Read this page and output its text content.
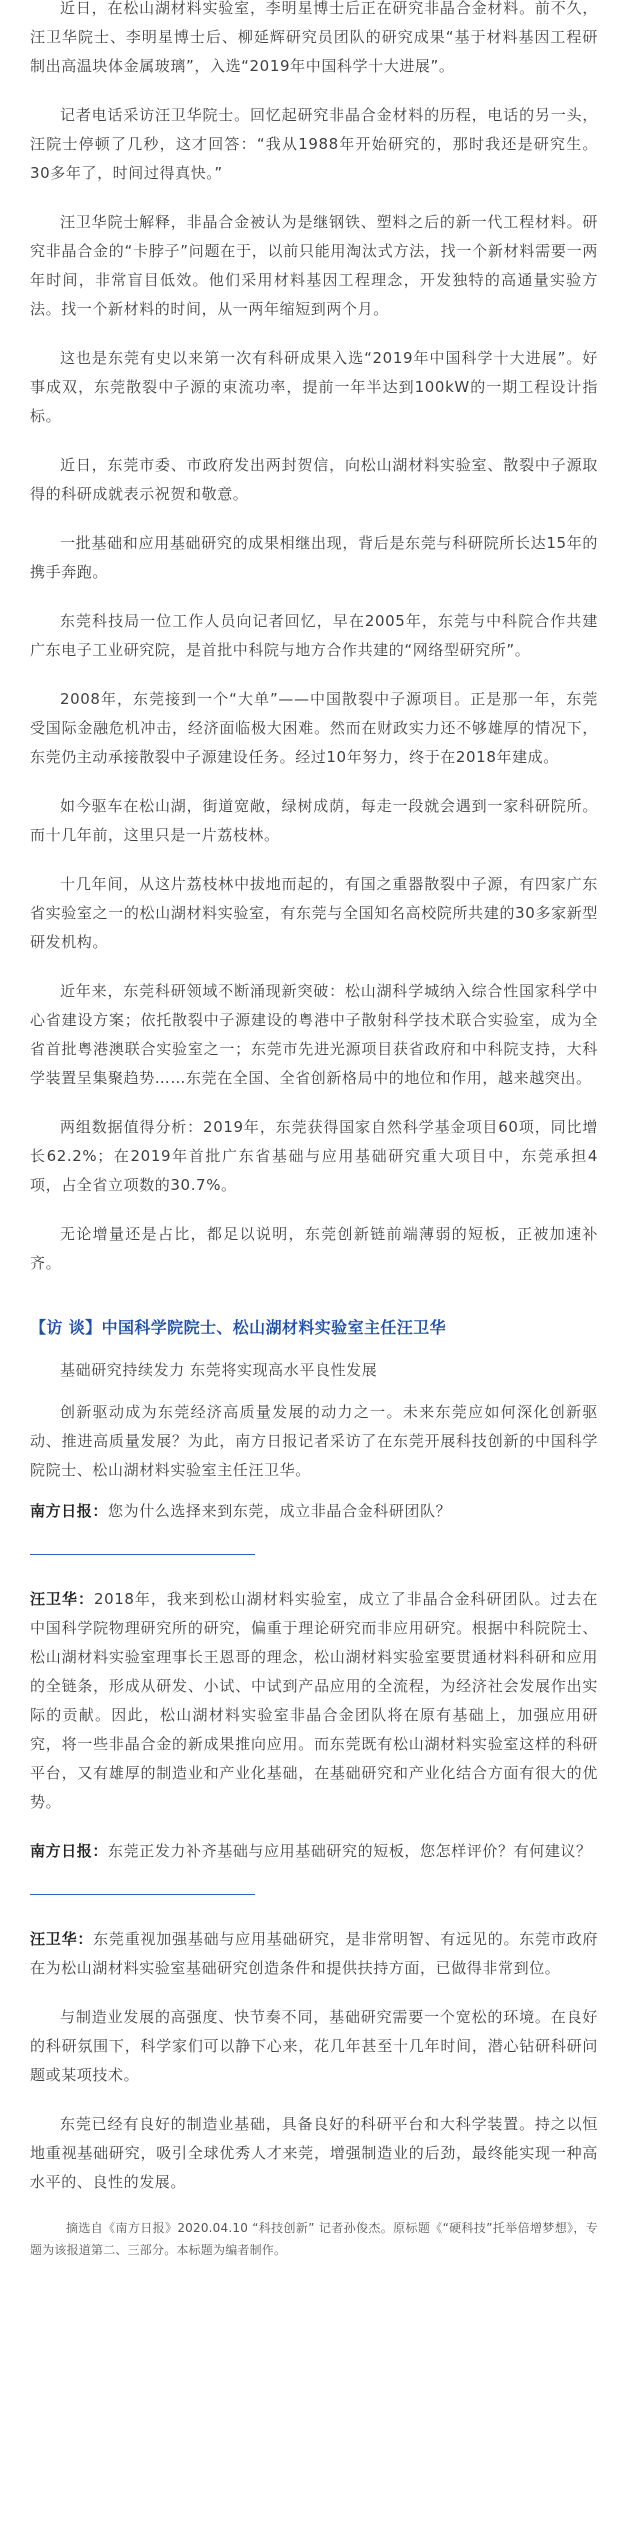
近日，在松山湖材料实验室，李明星博士后正在研究非晶合金材料。前不久，汪卫华院士、李明星博士后、柳延辉研究员团队的研究成果“基于材料基因工程研制出高温块体金属玻璃”，入选“2019年中国科学十大进展”。

记者电话采访汪卫华院士。回忆起研究非晶合金材料的历程，电话的另一头，汪院士停顿了几秒，这才回答：“我从1988年开始研究的，那时我还是研究生。30多年了，时间过得真快。”

汪卫华院士解释，非晶合金被认为是继钢铁、塑料之后的新一代工程材料。研究非晶合金的“卡脖子”问题在于，以前只能用淘汰式方法，找一个新材料需要一两年时间，非常盲目低效。他们采用材料基因工程理念，开发独特的高通量实验方法。找一个新材料的时间，从一两年缩短到两个月。

这也是东莞有史以来第一次有科研成果入选“2019年中国科学十大进展”。好事成双，东莞散裂中子源的束流功率，提前一年半达到100kW的一期工程设计指标。

近日，东莞市委、市政府发出两封贺信，向松山湖材料实验室、散裂中子源取得的科研成就表示祝贺和敬意。

一批基础和应用基础研究的成果相继出现，背后是东莞与科研院所长达15年的携手奔跑。

东莞科技局一位工作人员向记者回忆，早在2005年，东莞与中科院合作共建广东电子工业研究院，是首批中科院与地方合作共建的“网络型研究所”。

2008年，东莞接到一个“大单”——中国散裂中子源项目。正是那一年，东莞受国际金融危机冲击，经济面临极大困难。然而在财政实力还不够雄厚的情况下，东莞仍主动承接散裂中子源建设任务。经过10年努力，终于在2018年建成。

如今驱车在松山湖，街道宽敞，绿树成荫，每走一段就会遇到一家科研院所。而十几年前，这里只是一片荔枝林。

十几年间，从这片荔枝林中拔地而起的，有国之重器散裂中子源，有四家广东省实验室之一的松山湖材料实验室，有东莞与全国知名高校院所共建的30多家新型研发机构。

近年来，东莞科研领域不断涌现新突破：松山湖科学城纳入综合性国家科学中心省建设方案；依托散裂中子源建设的粤港中子散射科学技术联合实验室，成为全省首批粤港澳联合实验室之一；东莞市先进光源项目获省政府和中科院支持，大科学装置呈集聚趋势……东莞在全国、全省创新格局中的地位和作用，越来越突出。

两组数据值得分析：2019年，东莞获得国家自然科学基金项目60项，同比增长62.2%；在2019年首批广东省基础与应用基础研究重大项目中，东莞承担4项，占全省立项数的30.7%。

无论增量还是占比，都足以说明，东莞创新链前端薄弱的短板，正被加速补齐。

【访 谈】中国科学院院士、松山湖材料实验室主任汪卫华
基础研究持续发力 东莞将实现高水平良性发展

创新驱动成为东莞经济高质量发展的动力之一。未来东莞应如何深化创新驱动、推进高质量发展？为此，南方日报记者采访了在东莞开展科技创新的中国科学院院士、松山湖材料实验室主任汪卫华。

南方日报：您为什么选择来到东莞，成立非晶合金科研团队？

汪卫华：2018年，我来到松山湖材料实验室，成立了非晶合金科研团队。过去在中国科学院物理研究所的研究，偏重于理论研究而非应用研究。根据中科院院士、松山湖材料实验室理事长王恩哥的理念，松山湖材料实验室要贯通材料科研和应用的全链条，形成从研发、小试、中试到产品应用的全流程，为经济社会发展作出实际的贡献。因此，松山湖材料实验室非晶合金团队将在原有基础上，加强应用研究，将一些非晶合金的新成果推向应用。而东莞既有松山湖材料实验室这样的科研平台，又有雄厚的制造业和产业化基础，在基础研究和产业化结合方面有很大的优势。

南方日报：东莞正发力补齐基础与应用基础研究的短板，您怎样评价？有何建议？

汪卫华：东莞重视加强基础与应用基础研究，是非常明智、有远见的。东莞市政府在为松山湖材料实验室基础研究创造条件和提供扶持方面，已做得非常到位。

与制造业发展的高强度、快节奏不同，基础研究需要一个宽松的环境。在良好的科研氛围下，科学家们可以静下心来，花几年甚至十几年时间，潜心钻研科研问题或某项技术。

东莞已经有良好的制造业基础，具备良好的科研平台和大科学装置。持之以恒地重视基础研究，吸引全球优秀人才来莞，增强制造业的后劲，最终能实现一种高水平的、良性的发展。

摘选自《南方日报》2020.04.10 “科技创新” 记者孙俊杰。原标题《“硬科技”托举倍增梦想》，专题为该报道第二、三部分。本标题为编者制作。
